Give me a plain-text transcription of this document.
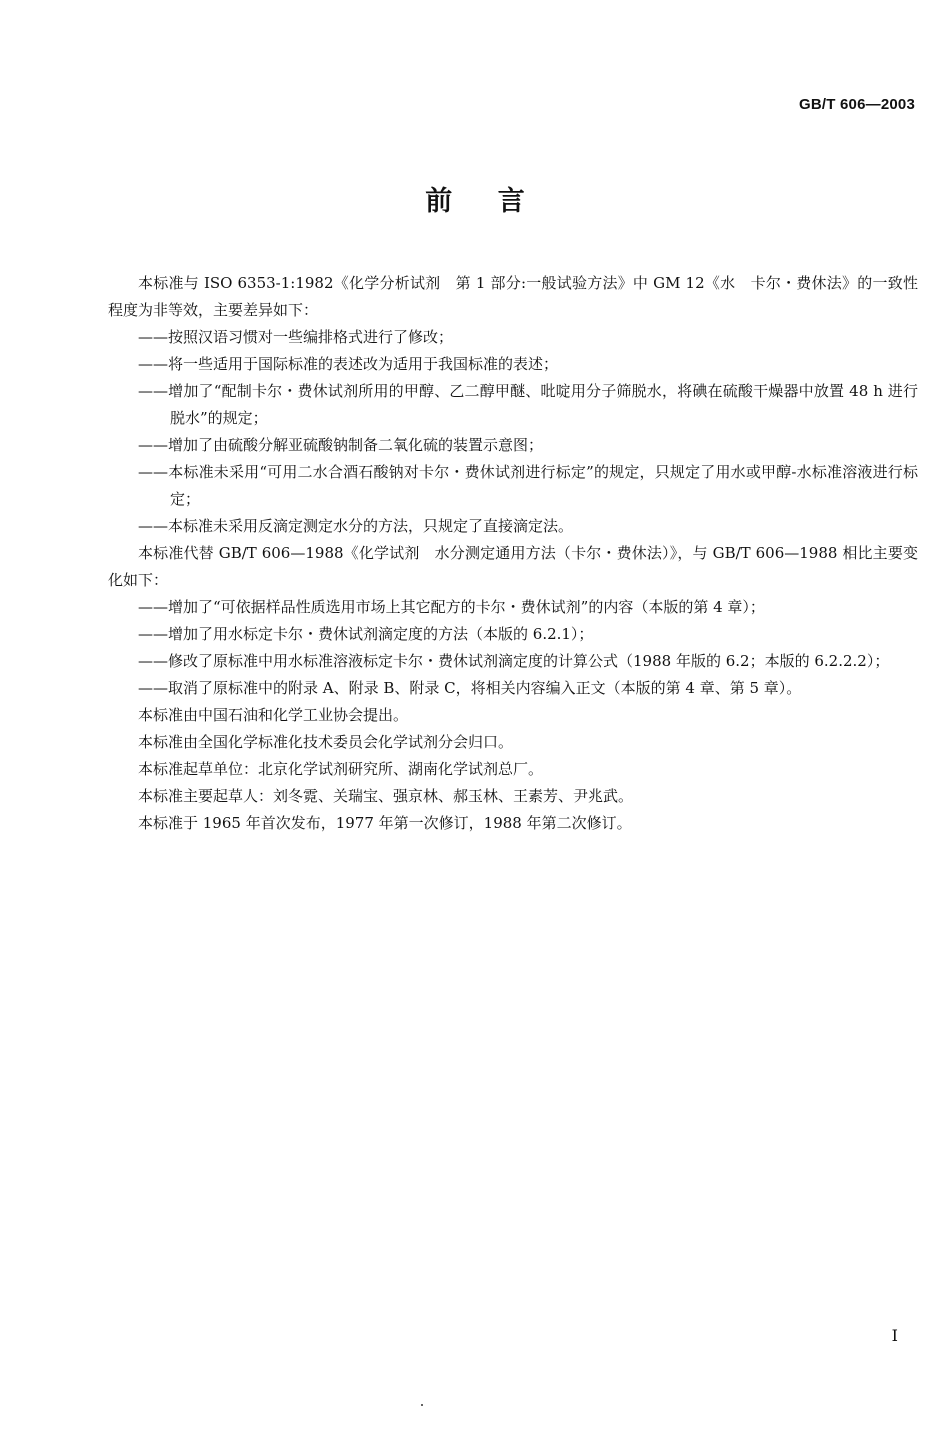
GB/T 606—2003

前 言

本标准与 ISO 6353-1:1982《化学分析试剂　第 1 部分:一般试验方法》中 GM 12《水　卡尔・费休法》的一致性程度为非等效，主要差异如下：

——按照汉语习惯对一些编排格式进行了修改；

——将一些适用于国际标准的表述改为适用于我国标准的表述；

——增加了“配制卡尔・费休试剂所用的甲醇、乙二醇甲醚、吡啶用分子筛脱水，将碘在硫酸干燥器中放置 48 h 进行脱水”的规定；

——增加了由硫酸分解亚硫酸钠制备二氧化硫的装置示意图；

——本标准未采用“可用二水合酒石酸钠对卡尔・费休试剂进行标定”的规定，只规定了用水或甲醇-水标准溶液进行标定；

——本标准未采用反滴定测定水分的方法，只规定了直接滴定法。

本标准代替 GB/T 606—1988《化学试剂　水分测定通用方法（卡尔・费休法）》，与 GB/T 606—1988 相比主要变化如下：

——增加了“可依据样品性质选用市场上其它配方的卡尔・费休试剂”的内容（本版的第 4 章）；

——增加了用水标定卡尔・费休试剂滴定度的方法（本版的 6.2.1）；

——修改了原标准中用水标准溶液标定卡尔・费休试剂滴定度的计算公式（1988 年版的 6.2；本版的 6.2.2.2）；

——取消了原标准中的附录 A、附录 B、附录 C，将相关内容编入正文（本版的第 4 章、第 5 章）。

本标准由中国石油和化学工业协会提出。

本标准由全国化学标准化技术委员会化学试剂分会归口。

本标准起草单位：北京化学试剂研究所、湖南化学试剂总厂。

本标准主要起草人：刘冬霓、关瑞宝、强京林、郝玉林、王素芳、尹兆武。

本标准于 1965 年首次发布，1977 年第一次修订，1988 年第二次修订。

I
